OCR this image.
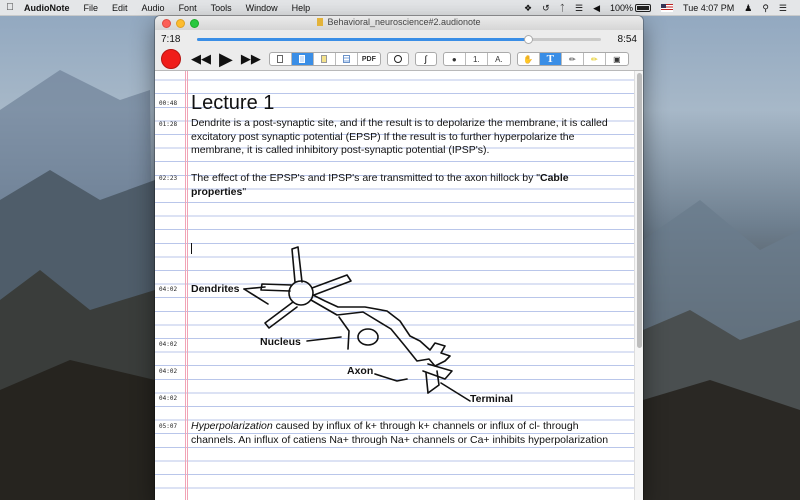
AudioNote	File	Edit	Audio	Font	Tools	Window	Help	❖	↺	ᛏ	☰	◀	100%	Tue 4:07 PM	♟	⚲	☰
Behavioral_neuroscience#2.audionote
7:18	8:54
◀◀ ▶ ▶▶	PDF	∫	● 1. A.	✋ T ✏ ✏ ▣
00:48
01:28
02:23
04:02
04:02
04:02
04:02
05:07
Lecture 1
Dendrite is a post-synaptic site, and if the result is to depolarize the membrane, it is called excitatory post synaptic potential (EPSP) If the result is to further hyperpolarize the membrane, it is called inhibitory post-synaptic potential (IPSP's).
The effect of the EPSP's and IPSP's are transmitted to the axon hillock by "Cable properties"
Dendrites
Nucleus
Axon
Terminal
Hyperpolarization caused by influx of k+ through k+ channels or influx of cl- through channels. An influx of catiens Na+ through Na+ channels or Ca+ inhibits hyperpolarization
